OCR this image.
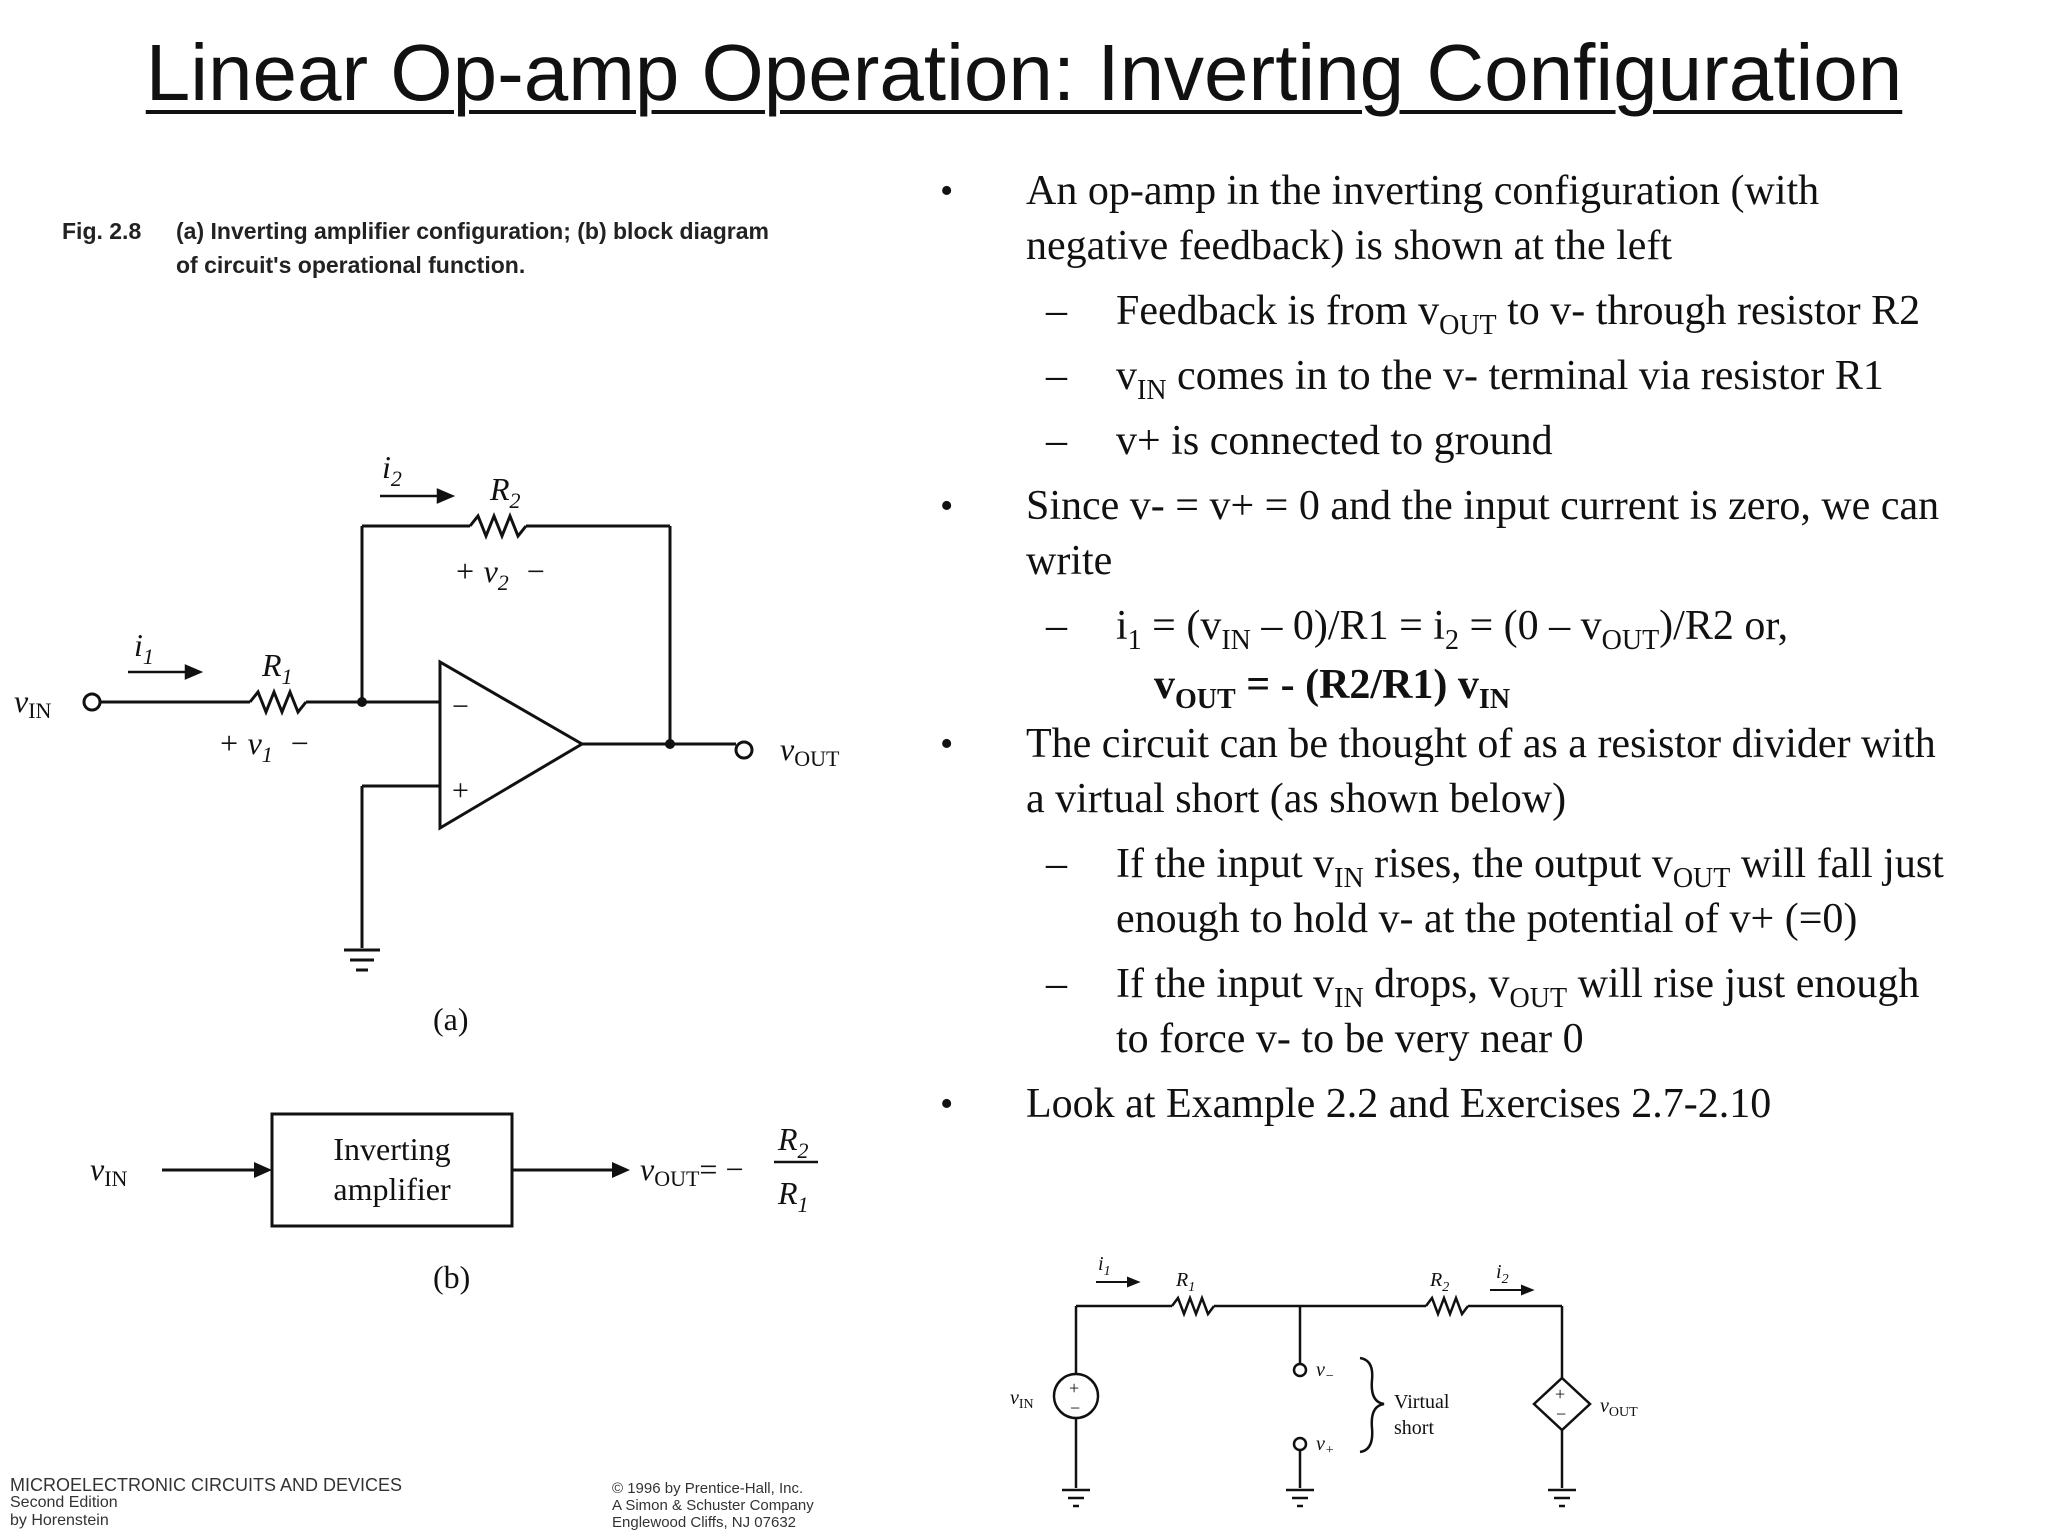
Linear Op-amp Operation: Inverting Configuration
Fig. 2.8 (a) Inverting amplifier configuration; (b) block diagram
of circuit's operational function.
$i_1$
$i_2$
$R_1$
$R_2$
vIN
vOUT
+ $v_1$ −
+ $v_2$ −
−
+
(a)
(b)
vIN
Inverting
amplifier
vOUT= −
$R_2$
$R_1$
$i_1$	$i_2$
$R_1$	$R_2$
$v_{IN}$	$v_{OUT}$
$v_-$
$v_+$
Virtual
short
+
−
+
−
MICROELECTRONIC CIRCUITS AND DEVICES
Second Edition
by Horenstein
© 1996 by Prentice-Hall, Inc.
A Simon & Schuster Company
Englewood Cliffs, NJ 07632
• An op-amp in the inverting configuration (with
negative feedback) is shown at the left
– Feedback is from $v_{OUT}$ to v- through resistor R2
– $v_{IN}$ comes in to the v- terminal via resistor R1
– v+ is connected to ground
• Since v- = v+ = 0 and the input current is zero, we can
write
– $i_1 = (v_{IN} - 0)/R1 = i_2 = (0 - v_{OUT})/R2$ or,
$v_{OUT}$ = - (R2/R1) $v_{IN}$
• The circuit can be thought of as a resistor divider with
a virtual short (as shown below)
– If the input $v_{IN}$ rises, the output $v_{OUT}$ will fall just
enough to hold v- at the potential of v+ (=0)
– If the input $v_{IN}$ drops, $v_{OUT}$ will rise just enough
to force v- to be very near 0
• Look at Example 2.2 and Exercises 2.7-2.10
